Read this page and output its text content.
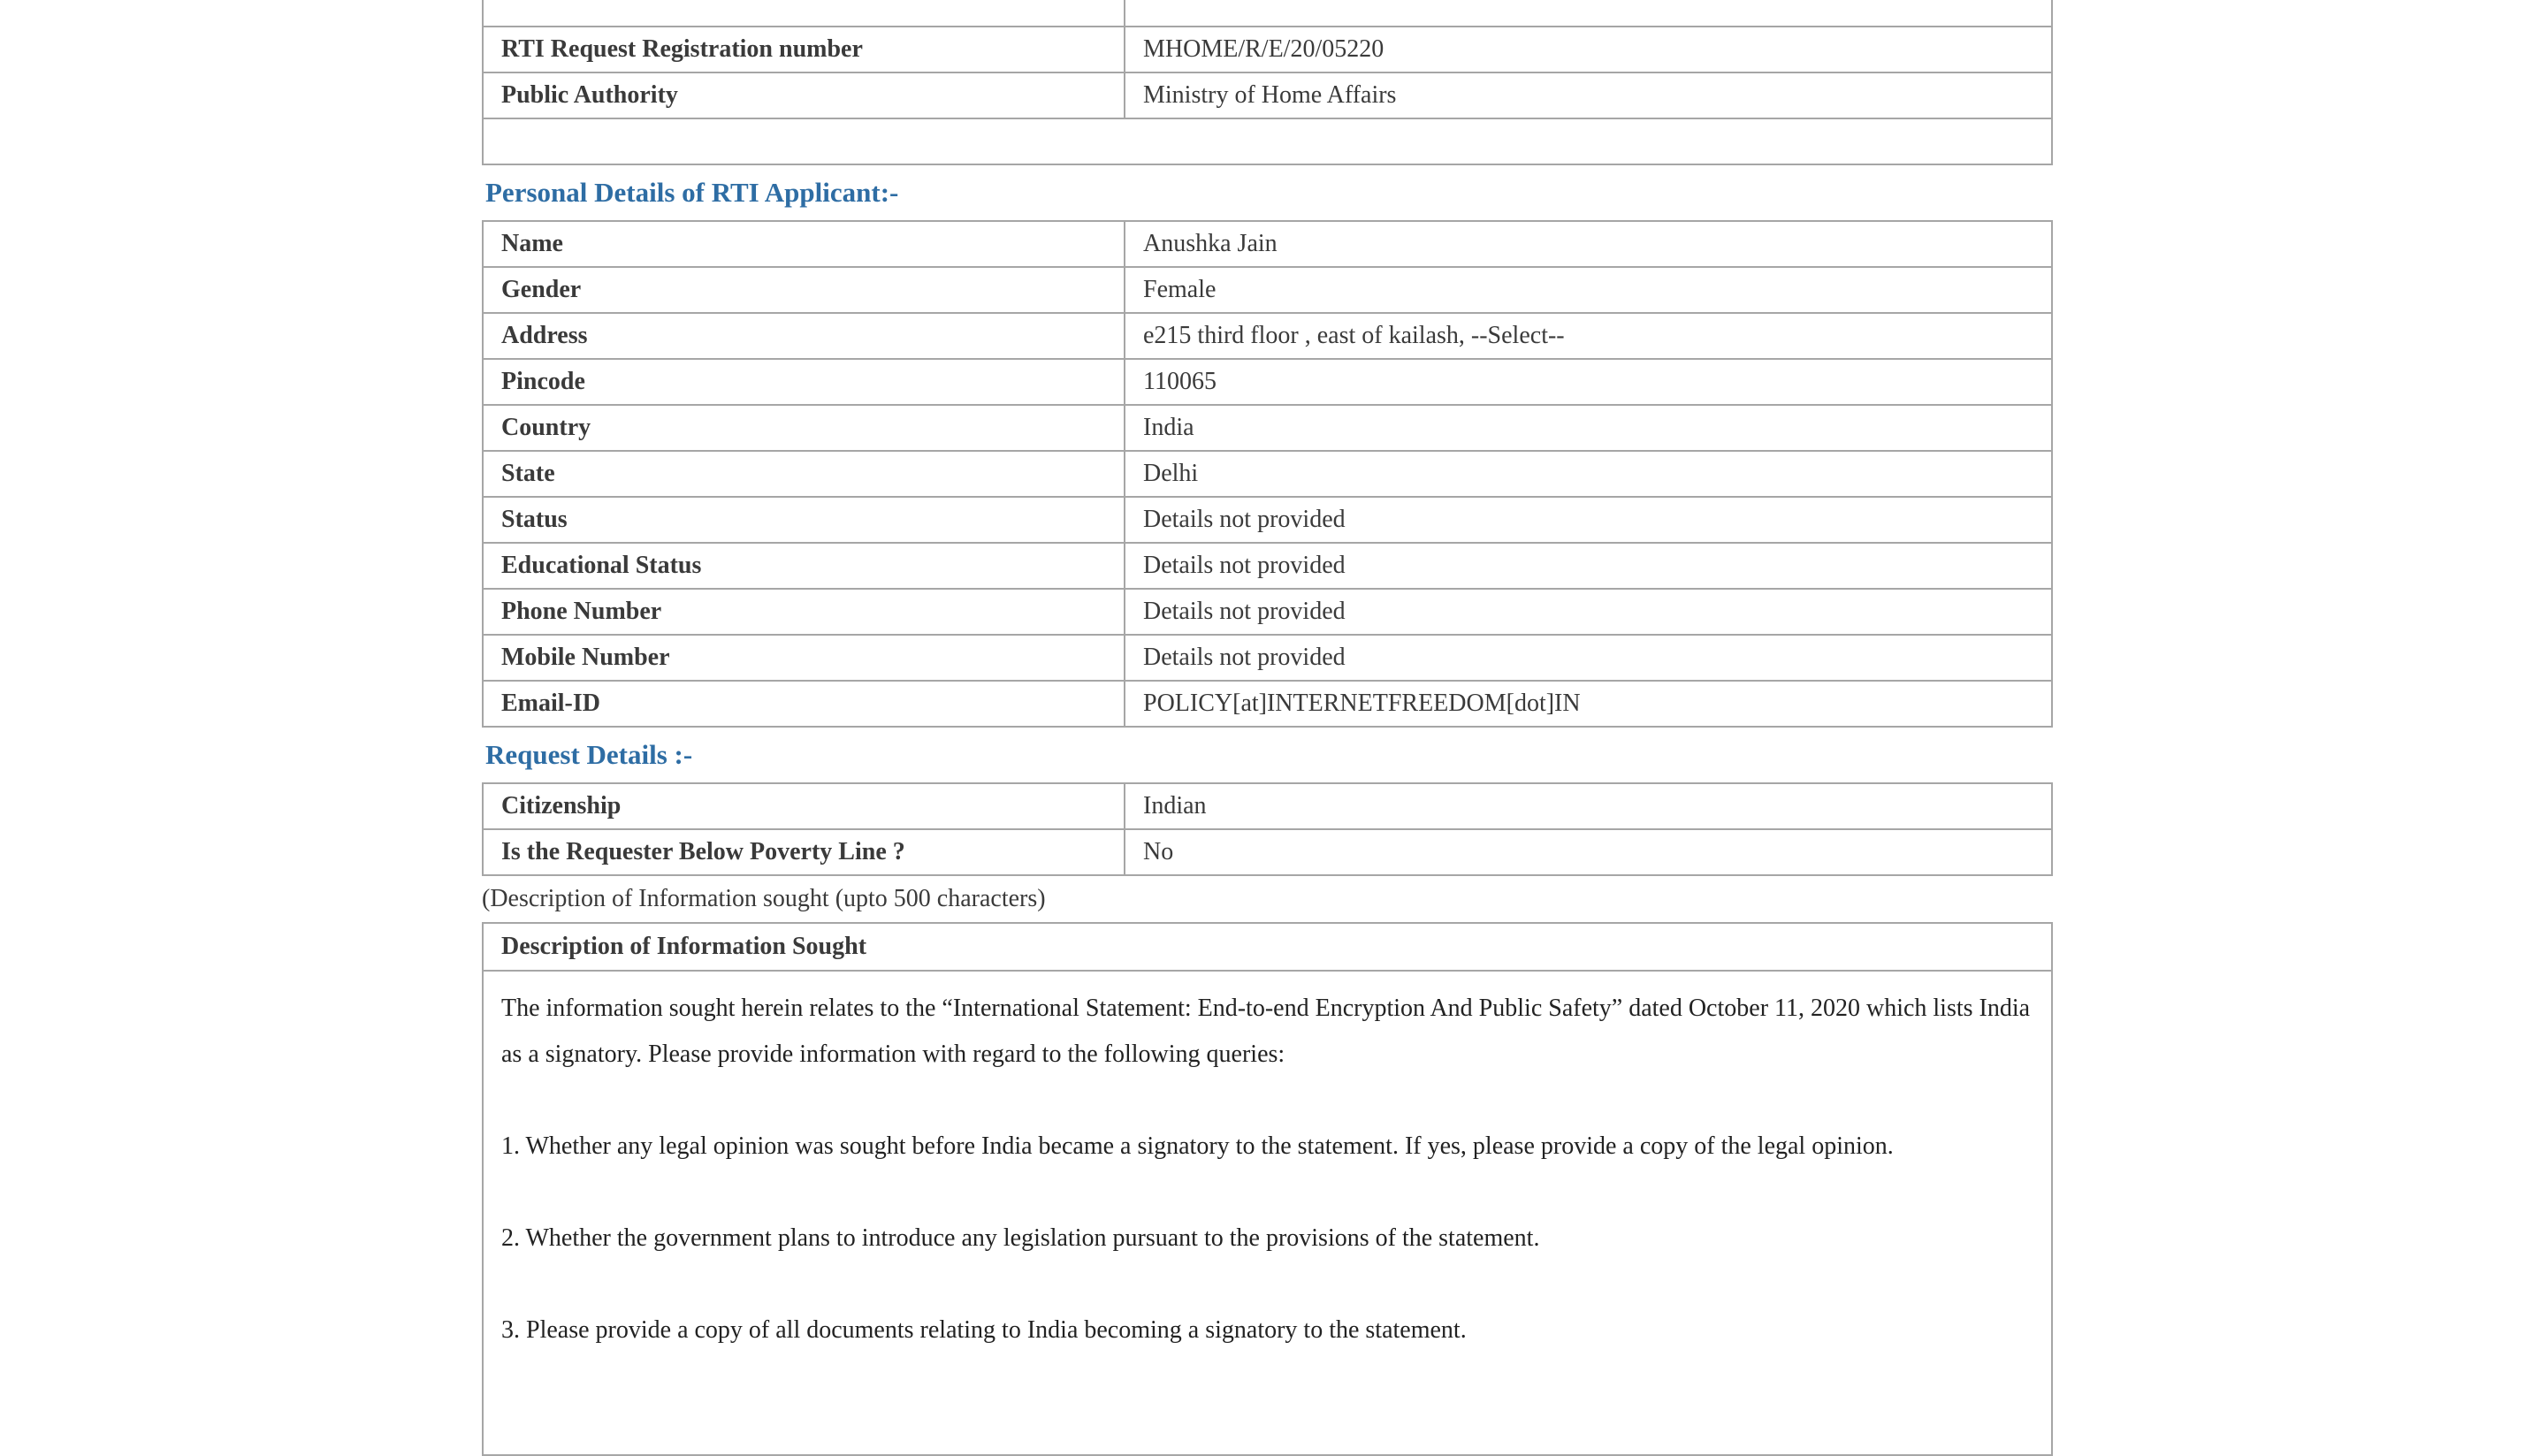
RTI Request Registration number	MHOME/R/E/20/05220
Public Authority	Ministry of Home Affairs

Personal Details of RTI Applicant:-
Name	Anushka Jain
Gender	Female
Address	e215 third floor , east of kailash, --Select--
Pincode	110065
Country	India
State	Delhi
Status	Details not provided
Educational Status	Details not provided
Phone Number	Details not provided
Mobile Number	Details not provided
Email-ID	POLICY[at]INTERNETFREEDOM[dot]IN
Request Details :-
Citizenship	Indian
Is the Requester Below Poverty Line ?	No
(Description of Information sought (upto 500 characters)
Description of Information Sought

The information sought herein relates to the “International Statement: End-to-end Encryption And Public Safety” dated October 11, 2020 which lists India as a signatory. Please provide information with regard to the following queries:

1. Whether any legal opinion was sought before India became a signatory to the statement. If yes, please provide a copy of the legal opinion.

2. Whether the government plans to introduce any legislation pursuant to the provisions of the statement.

3. Please provide a copy of all documents relating to India becoming a signatory to the statement.
